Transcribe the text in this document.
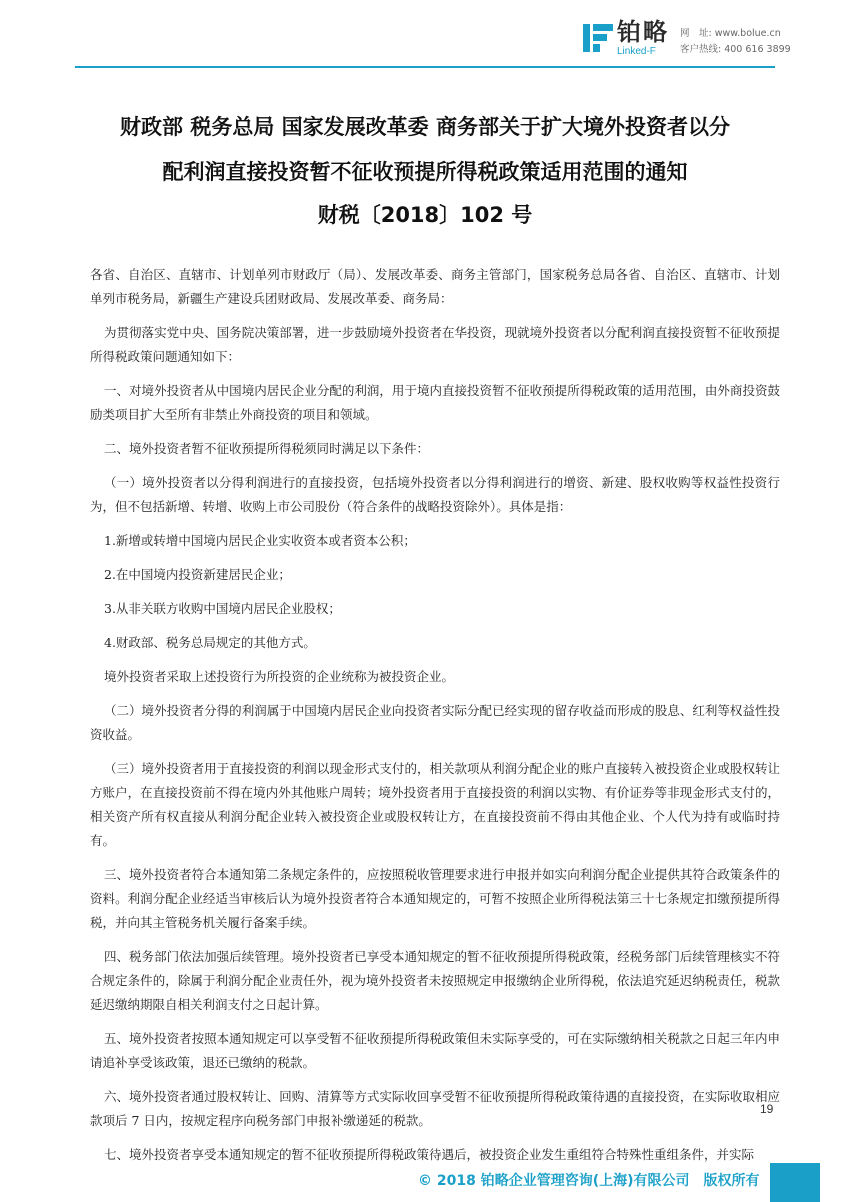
铂略
Linked-F
网　址: www.bolue.cn
客户热线: 400 616 3899
财政部 税务总局 国家发展改革委 商务部关于扩大境外投资者以分
配利润直接投资暂不征收预提所得税政策适用范围的通知
财税〔2018〕102 号

各省、自治区、直辖市、计划单列市财政厅（局）、发展改革委、商务主管部门，国家税务总局各省、自治区、直辖市、计划单列市税务局，新疆生产建设兵团财政局、发展改革委、商务局：

为贯彻落实党中央、国务院决策部署，进一步鼓励境外投资者在华投资，现就境外投资者以分配利润直接投资暂不征收预提所得税政策问题通知如下：

一、对境外投资者从中国境内居民企业分配的利润，用于境内直接投资暂不征收预提所得税政策的适用范围，由外商投资鼓励类项目扩大至所有非禁止外商投资的项目和领域。

二、境外投资者暂不征收预提所得税须同时满足以下条件：

（一）境外投资者以分得利润进行的直接投资，包括境外投资者以分得利润进行的增资、新建、股权收购等权益性投资行为，但不包括新增、转增、收购上市公司股份（符合条件的战略投资除外）。具体是指：

1.新增或转增中国境内居民企业实收资本或者资本公积；

2.在中国境内投资新建居民企业；

3.从非关联方收购中国境内居民企业股权；

4.财政部、税务总局规定的其他方式。

境外投资者采取上述投资行为所投资的企业统称为被投资企业。

（二）境外投资者分得的利润属于中国境内居民企业向投资者实际分配已经实现的留存收益而形成的股息、红利等权益性投资收益。

（三）境外投资者用于直接投资的利润以现金形式支付的，相关款项从利润分配企业的账户直接转入被投资企业或股权转让方账户，在直接投资前不得在境内外其他账户周转；境外投资者用于直接投资的利润以实物、有价证券等非现金形式支付的，相关资产所有权直接从利润分配企业转入被投资企业或股权转让方，在直接投资前不得由其他企业、个人代为持有或临时持有。

三、境外投资者符合本通知第二条规定条件的，应按照税收管理要求进行申报并如实向利润分配企业提供其符合政策条件的资料。利润分配企业经适当审核后认为境外投资者符合本通知规定的，可暂不按照企业所得税法第三十七条规定扣缴预提所得税，并向其主管税务机关履行备案手续。

四、税务部门依法加强后续管理。境外投资者已享受本通知规定的暂不征收预提所得税政策，经税务部门后续管理核实不符合规定条件的，除属于利润分配企业责任外，视为境外投资者未按照规定申报缴纳企业所得税，依法追究延迟纳税责任，税款延迟缴纳期限自相关利润支付之日起计算。

五、境外投资者按照本通知规定可以享受暂不征收预提所得税政策但未实际享受的，可在实际缴纳相关税款之日起三年内申请追补享受该政策，退还已缴纳的税款。

六、境外投资者通过股权转让、回购、清算等方式实际收回享受暂不征收预提所得税政策待遇的直接投资，在实际收取相应款项后 7 日内，按规定程序向税务部门申报补缴递延的税款。

七、境外投资者享受本通知规定的暂不征收预提所得税政策待遇后，被投资企业发生重组符合特殊性重组条件，并实际

19
© 2018 铂略企业管理咨询(上海)有限公司　版权所有
